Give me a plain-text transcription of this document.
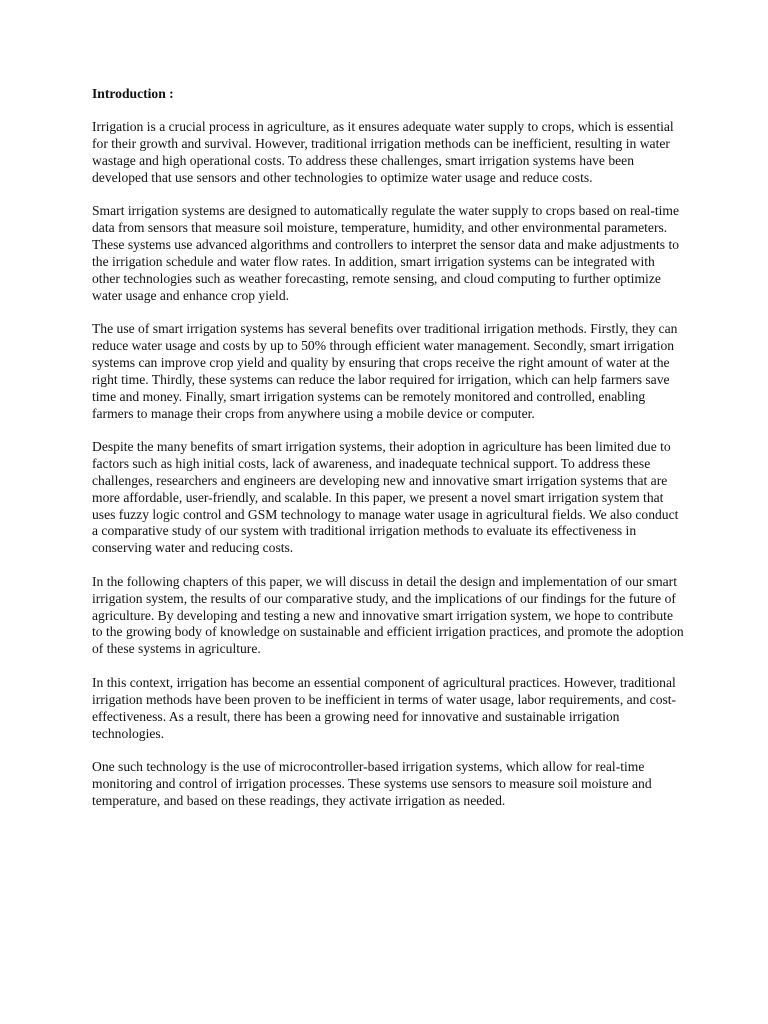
Introduction :

Irrigation is a crucial process in agriculture, as it ensures adequate water supply to crops, which is essential for their growth and survival. However, traditional irrigation methods can be inefficient, resulting in water wastage and high operational costs. To address these challenges, smart irrigation systems have been developed that use sensors and other technologies to optimize water usage and reduce costs.

Smart irrigation systems are designed to automatically regulate the water supply to crops based on real-time data from sensors that measure soil moisture, temperature, humidity, and other environmental parameters. These systems use advanced algorithms and controllers to interpret the sensor data and make adjustments to the irrigation schedule and water flow rates. In addition, smart irrigation systems can be integrated with other technologies such as weather forecasting, remote sensing, and cloud computing to further optimize water usage and enhance crop yield.

The use of smart irrigation systems has several benefits over traditional irrigation methods. Firstly, they can reduce water usage and costs by up to 50% through efficient water management. Secondly, smart irrigation systems can improve crop yield and quality by ensuring that crops receive the right amount of water at the right time. Thirdly, these systems can reduce the labor required for irrigation, which can help farmers save time and money. Finally, smart irrigation systems can be remotely monitored and controlled, enabling farmers to manage their crops from anywhere using a mobile device or computer.

Despite the many benefits of smart irrigation systems, their adoption in agriculture has been limited due to factors such as high initial costs, lack of awareness, and inadequate technical support. To address these challenges, researchers and engineers are developing new and innovative smart irrigation systems that are more affordable, user-friendly, and scalable. In this paper, we present a novel smart irrigation system that uses fuzzy logic control and GSM technology to manage water usage in agricultural fields. We also conduct a comparative study of our system with traditional irrigation methods to evaluate its effectiveness in conserving water and reducing costs.

In the following chapters of this paper, we will discuss in detail the design and implementation of our smart irrigation system, the results of our comparative study, and the implications of our findings for the future of agriculture. By developing and testing a new and innovative smart irrigation system, we hope to contribute to the growing body of knowledge on sustainable and efficient irrigation practices, and promote the adoption of these systems in agriculture.

In this context, irrigation has become an essential component of agricultural practices. However, traditional irrigation methods have been proven to be inefficient in terms of water usage, labor requirements, and cost-effectiveness. As a result, there has been a growing need for innovative and sustainable irrigation technologies.

One such technology is the use of microcontroller-based irrigation systems, which allow for real-time monitoring and control of irrigation processes. These systems use sensors to measure soil moisture and temperature, and based on these readings, they activate irrigation as needed.
